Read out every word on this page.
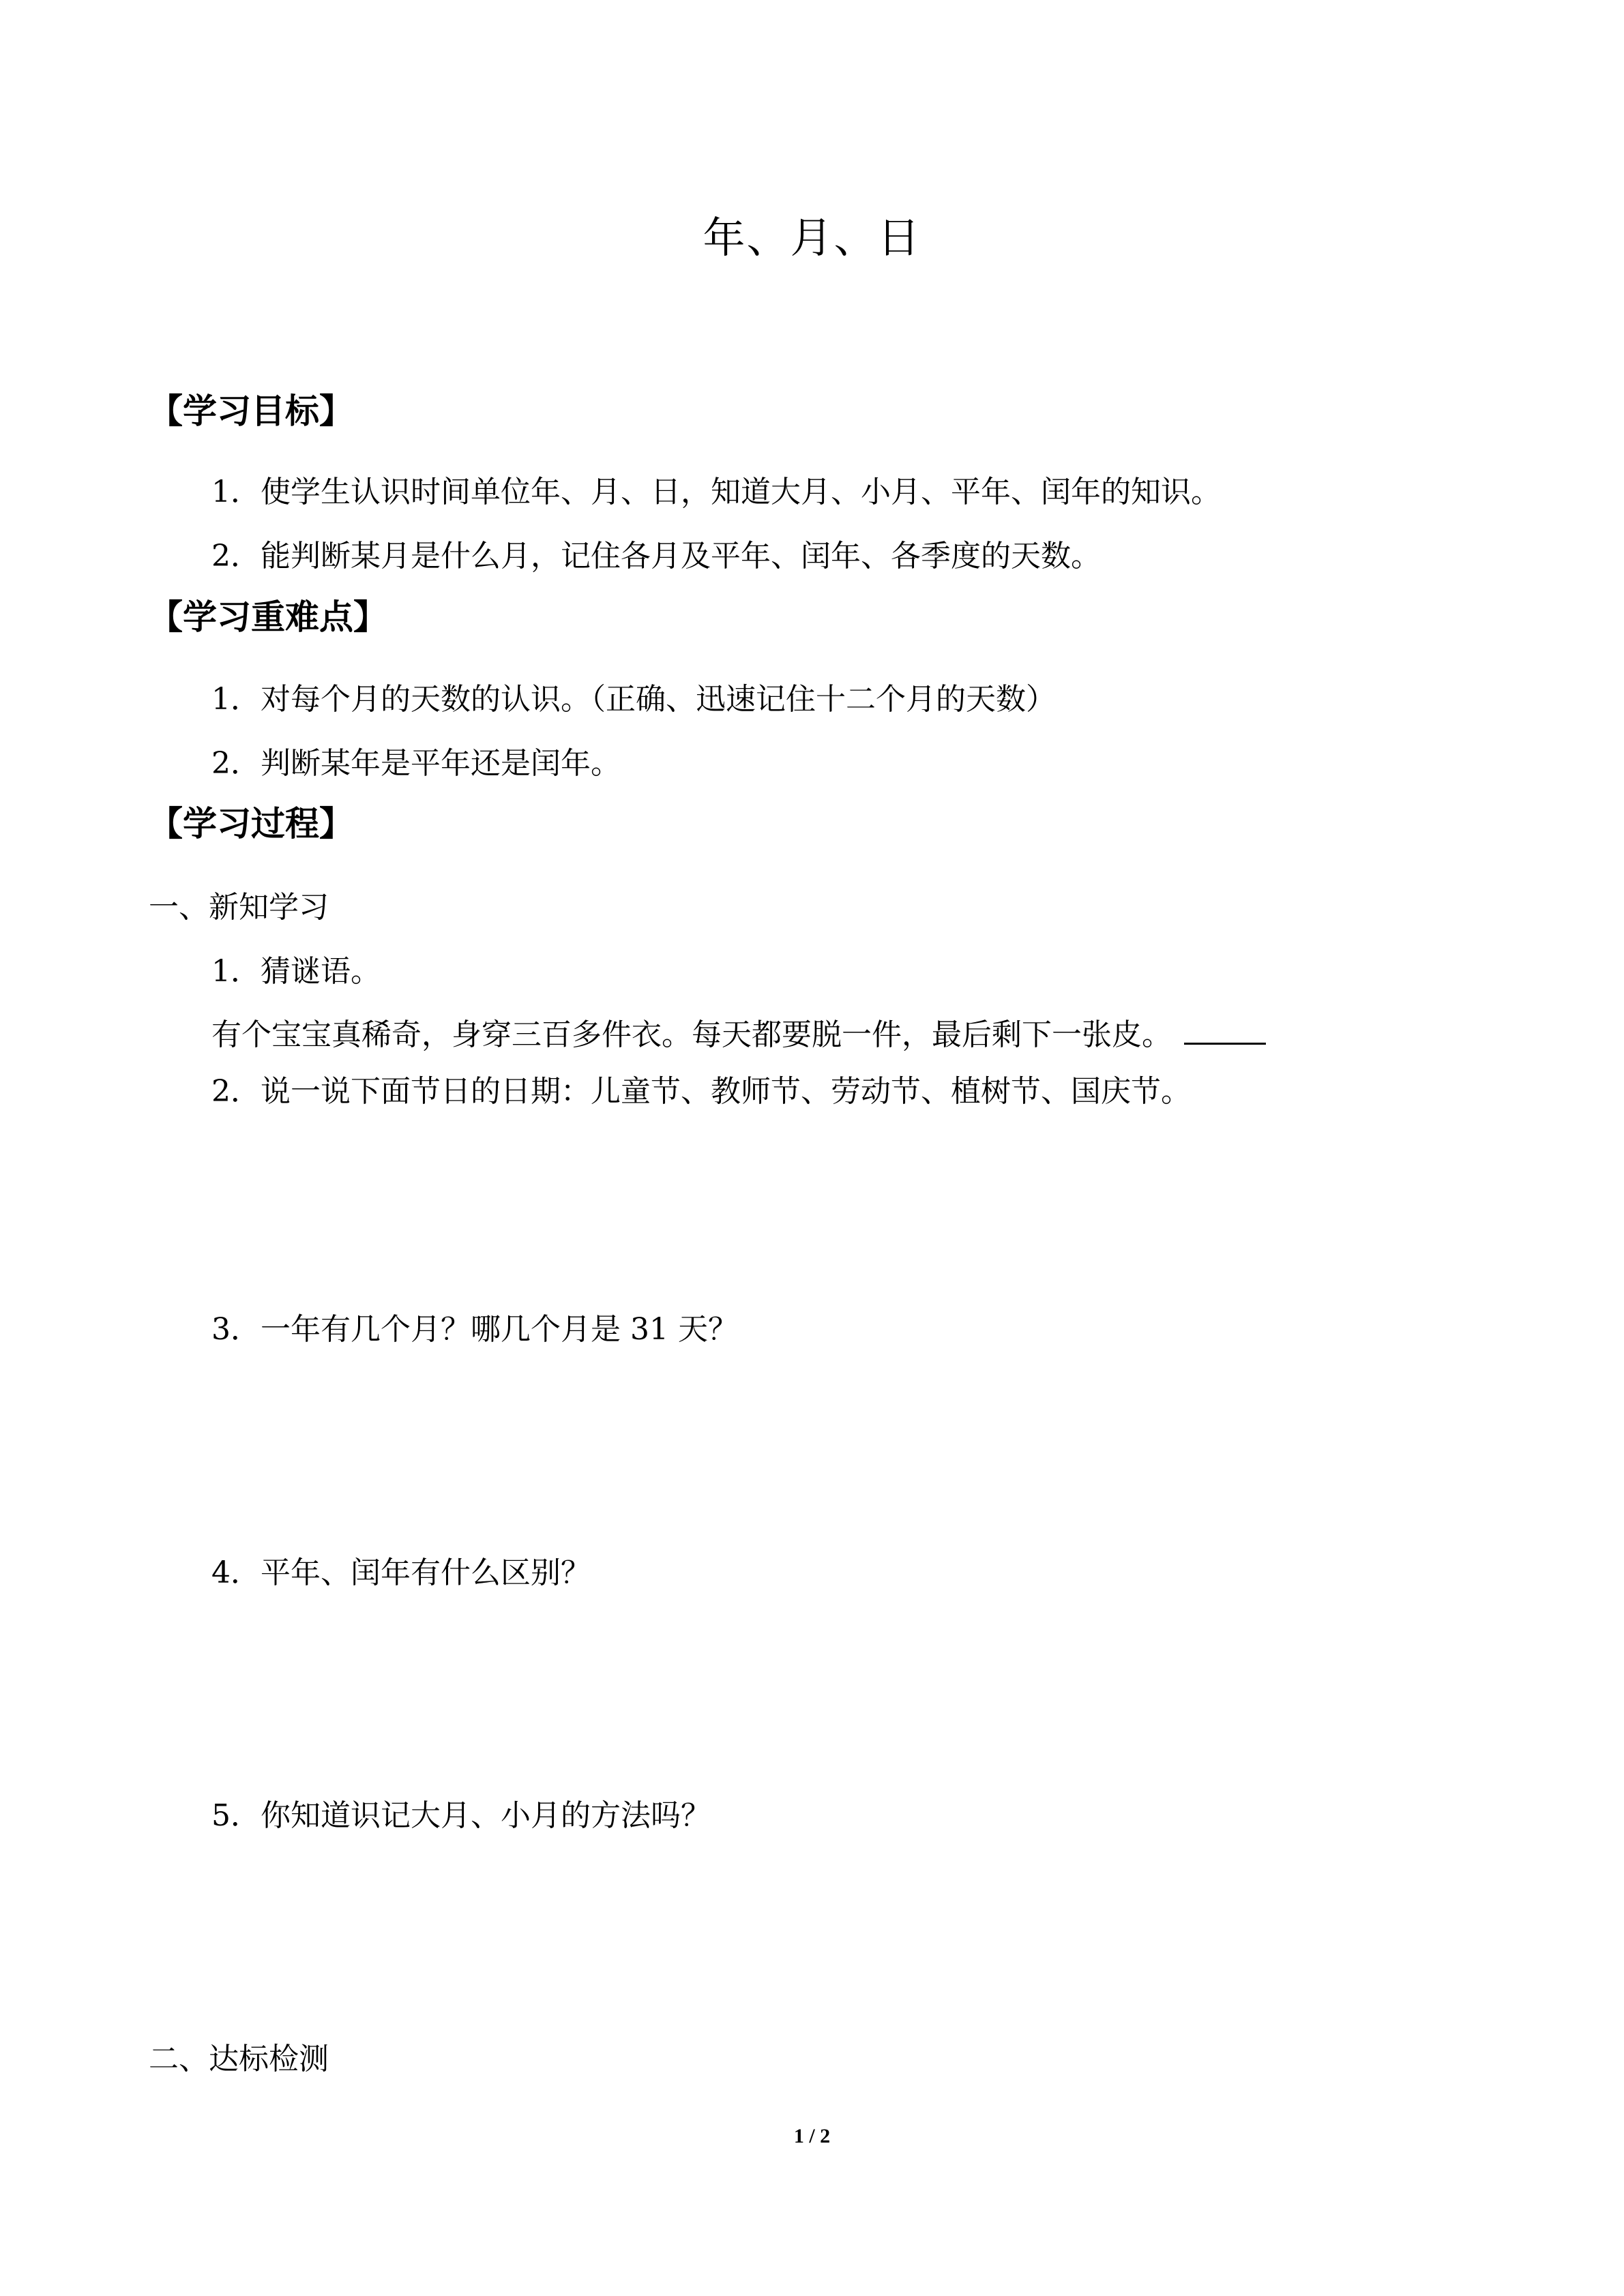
年、月、日
【学习目标】
1．使学生认识时间单位年、月、日，知道大月、小月、平年、闰年的知识。
2．能判断某月是什么月，记住各月及平年、闰年、各季度的天数。
【学习重难点】
1．对每个月的天数的认识。（正确、迅速记住十二个月的天数）
2．判断某年是平年还是闰年。
【学习过程】
一、新知学习
1．猜谜语。
有个宝宝真稀奇，身穿三百多件衣。每天都要脱一件，最后剩下一张皮。
2．说一说下面节日的日期：儿童节、教师节、劳动节、植树节、国庆节。
3．一年有几个月？哪几个月是 31 天？
4．平年、闰年有什么区别？
5．你知道识记大月、小月的方法吗？
二、达标检测
1 / 2
